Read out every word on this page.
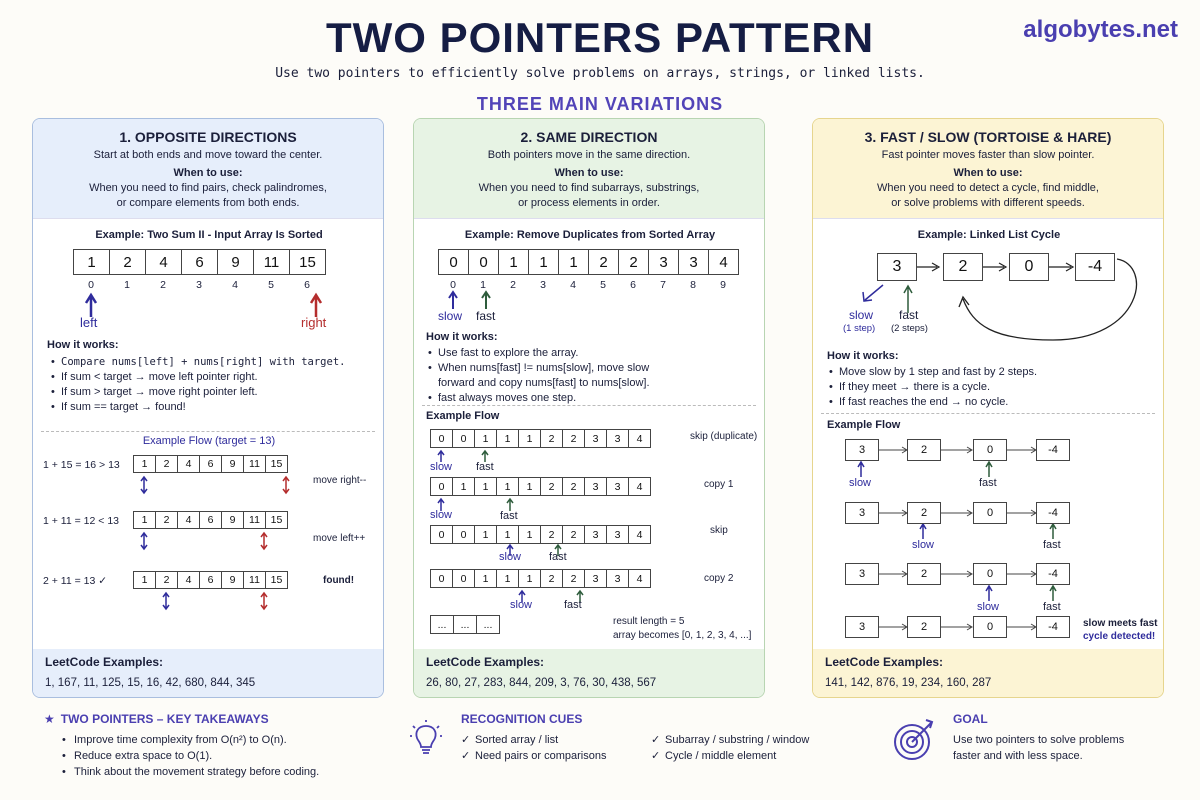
TWO POINTERS PATTERN	algobytes.net
Use two pointers to efficiently solve problems on arrays, strings, or linked lists.
THREE MAIN VARIATIONS
1. OPPOSITE DIRECTIONS
Start at both ends and move toward the center.
When to use:
When you need to find pairs, check palindromes,
or compare elements from both ends.
Example: Two Sum II - Input Array Is Sorted
1	2	4	6	9	11	15
0	1	2	3	4	5	6
left	right
How it works:
• Compare nums[left] + nums[right] with target.
• If sum < target → move left pointer right.
• If sum > target → move right pointer left.
• If sum == target → found!
Example Flow (target = 13)
1 + 15 = 16 > 13	1	2	4	6	9	11	15
move right--
1 + 11 = 12 < 13	1	2	4	6	9	11	15
move left++
2 + 11 = 13 ✓	1	2	4	6	9	11	15	found!
LeetCode Examples:
1, 167, 11, 125, 15, 16, 42, 680, 844, 345
2. SAME DIRECTION
Both pointers move in the same direction.
When to use:
When you need to find subarrays, substrings,
or process elements in order.
Example: Remove Duplicates from Sorted Array
0	0	1	1	1	2	2	3	3	4
0	1	2	3	4	5	6	7	8	9
slow fast
How it works:
• Use fast to explore the array.
• When nums[fast] != nums[slow], move slow forward and copy nums[fast] to nums[slow].
• fast always moves one step.
Example Flow
0	0	1	1	1	2	2	3	3	4	skip (duplicate)
slow fast
0	1	1	1	1	2	2	3	3	4	copy 1
slow	fast
0	0	1	1	1	2	2	3	3	4	skip
slow	fast
0	0	1	1	1	2	2	3	3	4	copy 2
slow	fast
...	...	...	result length = 5
array becomes [0, 1, 2, 3, 4, ...]
LeetCode Examples:
26, 80, 27, 283, 844, 209, 3, 76, 30, 438, 567
3. FAST / SLOW (TORTOISE & HARE)
Fast pointer moves faster than slow pointer.
When to use:
When you need to detect a cycle, find middle,
or solve problems with different speeds.
Example: Linked List Cycle
3	2	0	-4
slow
(1 step)
fast
(2 steps)
How it works:
• Move slow by 1 step and fast by 2 steps.
• If they meet → there is a cycle.
• If fast reaches the end → no cycle.
Example Flow
3	2	0	-4
slow	fast
3	2	0	-4
slow	fast
3	2	0	-4
slow	fast
3	2	0	-4	slow meets fast
cycle detected!
LeetCode Examples:
141, 142, 876, 19, 234, 160, 287
★ TWO POINTERS – KEY TAKEAWAYS
• Improve time complexity from O(n²) to O(n).
• Reduce extra space to O(1).
• Think about the movement strategy before coding.
RECOGNITION CUES
✓ Sorted array / list	✓ Subarray / substring / window
✓ Need pairs or comparisons	✓ Cycle / middle element
GOAL
Use two pointers to solve problems
faster and with less space.
